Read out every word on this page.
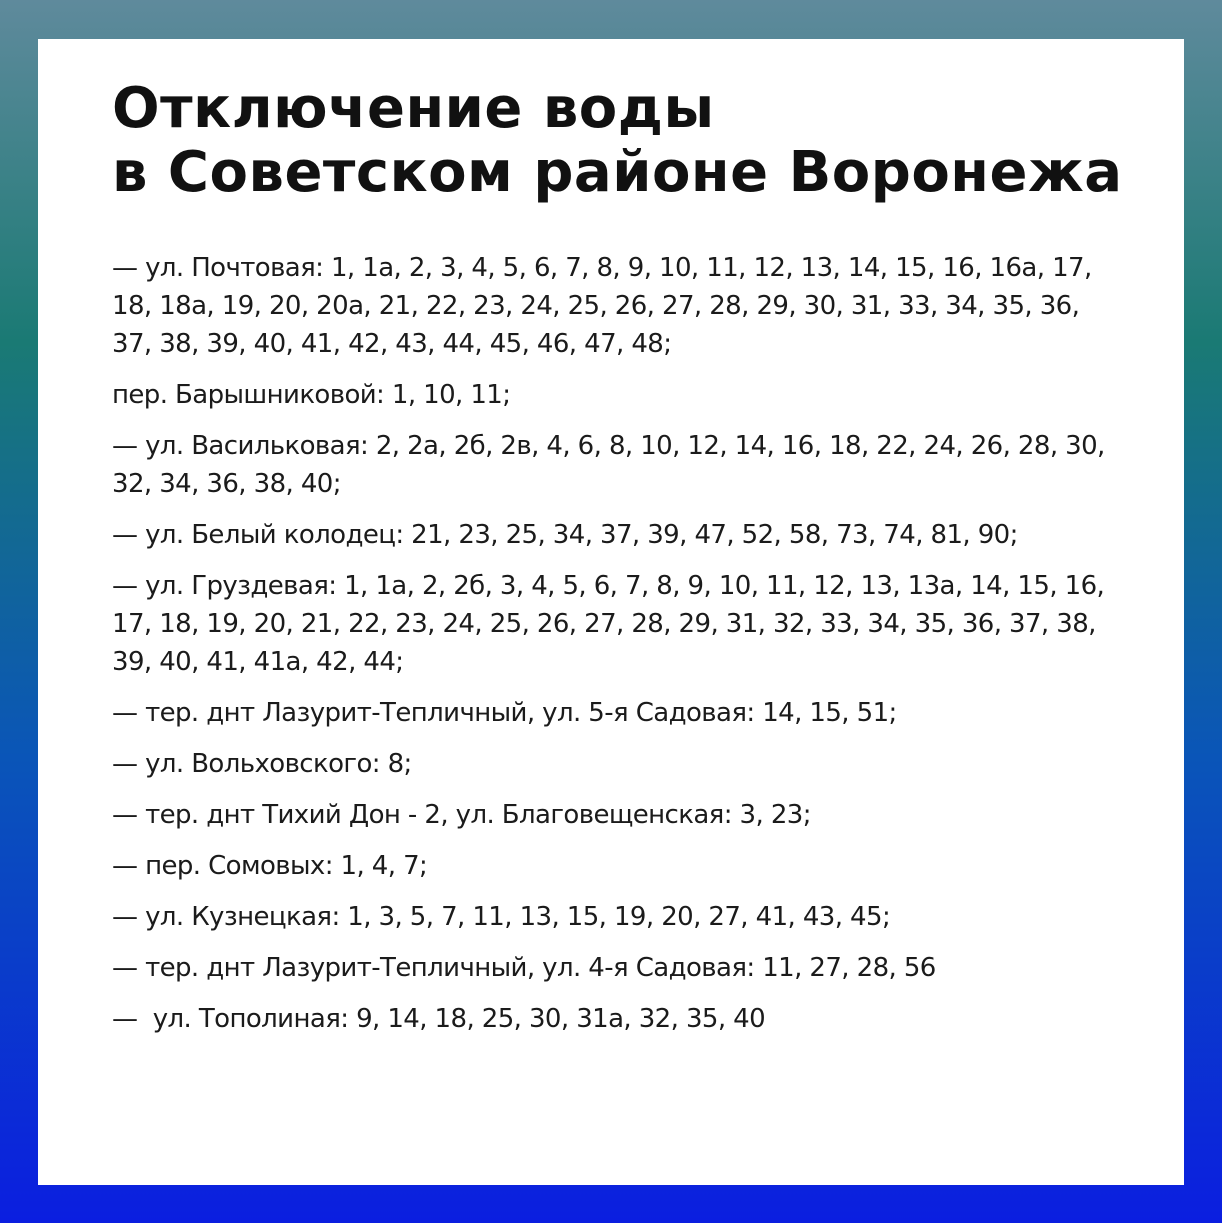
Отключение воды
в Советском районе Воронежа
— ул. Почтовая: 1, 1а, 2, 3, 4, 5, 6, 7, 8, 9, 10, 11, 12, 13, 14, 15, 16, 16а, 17, 18, 18а, 19, 20, 20а, 21, 22, 23, 24, 25, 26, 27, 28, 29, 30, 31, 33, 34, 35, 36, 37, 38, 39, 40, 41, 42, 43, 44, 45, 46, 47, 48;
пер. Барышниковой: 1, 10, 11;
— ул. Васильковая: 2, 2а, 2б, 2в, 4, 6, 8, 10, 12, 14, 16, 18, 22, 24, 26, 28, 30, 32, 34, 36, 38, 40;
— ул. Белый колодец: 21, 23, 25, 34, 37, 39, 47, 52, 58, 73, 74, 81, 90;
— ул. Груздевая: 1, 1а, 2, 2б, 3, 4, 5, 6, 7, 8, 9, 10, 11, 12, 13, 13а, 14, 15, 16, 17, 18, 19, 20, 21, 22, 23, 24, 25, 26, 27, 28, 29, 31, 32, 33, 34, 35, 36, 37, 38, 39, 40, 41, 41а, 42, 44;
— тер. днт Лазурит-Тепличный, ул. 5-я Садовая: 14, 15, 51;
— ул. Вольховского: 8;
— тер. днт Тихий Дон - 2, ул. Благовещенская: 3, 23;
— пер. Сомовых: 1, 4, 7;
— ул. Кузнецкая: 1, 3, 5, 7, 11, 13, 15, 19, 20, 27, 41, 43, 45;
— тер. днт Лазурит-Тепличный, ул. 4-я Садовая: 11, 27, 28, 56
—  ул. Тополиная: 9, 14, 18, 25, 30, 31а, 32, 35, 40
